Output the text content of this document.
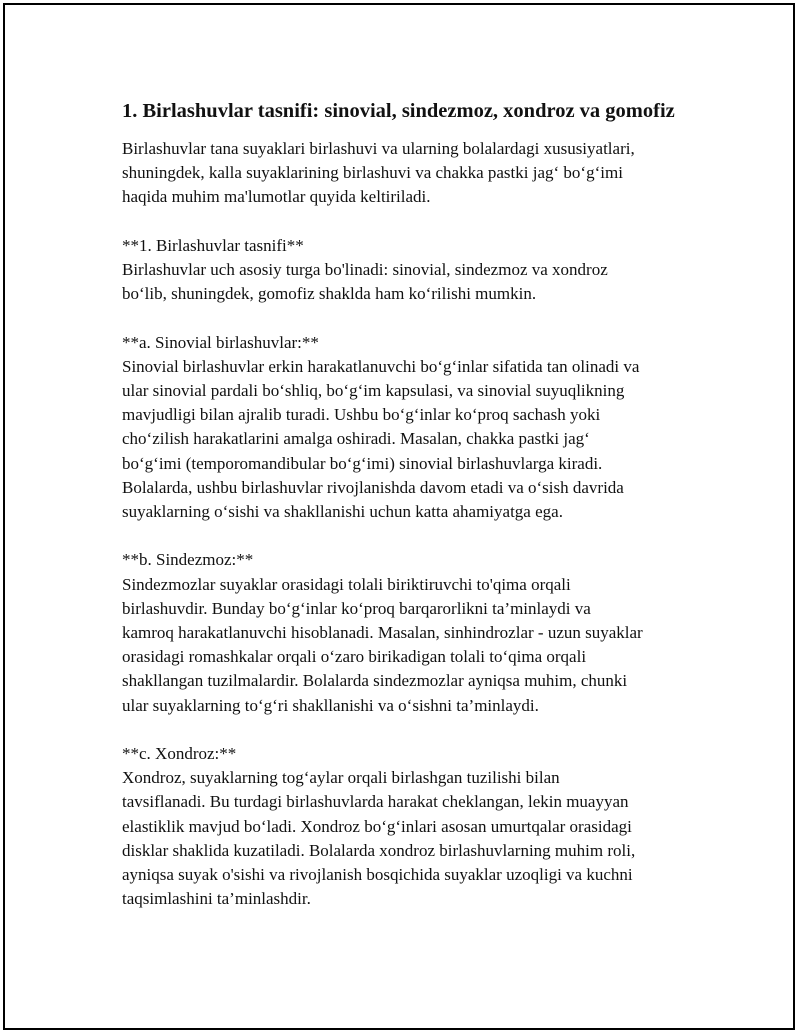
1. Birlashuvlar tasnifi: sinovial, sindezmoz, xondroz va gomofiz

Birlashuvlar tana suyaklari birlashuvi va ularning bolalardagi xususiyatlari,
shuningdek, kalla suyaklarining birlashuvi va chakka pastki jag‘ bo‘g‘imi
haqida muhim ma'lumotlar quyida keltiriladi.

**1. Birlashuvlar tasnifi**

Birlashuvlar uch asosiy turga bo'linadi: sinovial, sindezmoz va xondroz
bo‘lib, shuningdek, gomofiz shaklda ham ko‘rilishi mumkin.

**a. Sinovial birlashuvlar:**

Sinovial birlashuvlar erkin harakatlanuvchi bo‘g‘inlar sifatida tan olinadi va
ular sinovial pardali bo‘shliq, bo‘g‘im kapsulasi, va sinovial suyuqlikning
mavjudligi bilan ajralib turadi. Ushbu bo‘g‘inlar ko‘proq sachash yoki
cho‘zilish harakatlarini amalga oshiradi. Masalan, chakka pastki jag‘
bo‘g‘imi (temporomandibular bo‘g‘imi) sinovial birlashuvlarga kiradi.
Bolalarda, ushbu birlashuvlar rivojlanishda davom etadi va o‘sish davrida
suyaklarning o‘sishi va shakllanishi uchun katta ahamiyatga ega.

**b. Sindezmoz:**

Sindezmozlar suyaklar orasidagi tolali biriktiruvchi to'qima orqali
birlashuvdir. Bunday bo‘g‘inlar ko‘proq barqarorlikni ta’minlaydi va
kamroq harakatlanuvchi hisoblanadi. Masalan, sinhindrozlar - uzun suyaklar
orasidagi romashkalar orqali o‘zaro birikadigan tolali to‘qima orqali
shakllangan tuzilmalardir. Bolalarda sindezmozlar ayniqsa muhim, chunki
ular suyaklarning to‘g‘ri shakllanishi va o‘sishni ta’minlaydi.

**c. Xondroz:**

Xondroz, suyaklarning tog‘aylar orqali birlashgan tuzilishi bilan
tavsiflanadi. Bu turdagi birlashuvlarda harakat cheklangan, lekin muayyan
elastiklik mavjud bo‘ladi. Xondroz bo‘g‘inlari asosan umurtqalar orasidagi
disklar shaklida kuzatiladi. Bolalarda xondroz birlashuvlarning muhim roli,
ayniqsa suyak o'sishi va rivojlanish bosqichida suyaklar uzoqligi va kuchni
taqsimlashini ta’minlashdir.
